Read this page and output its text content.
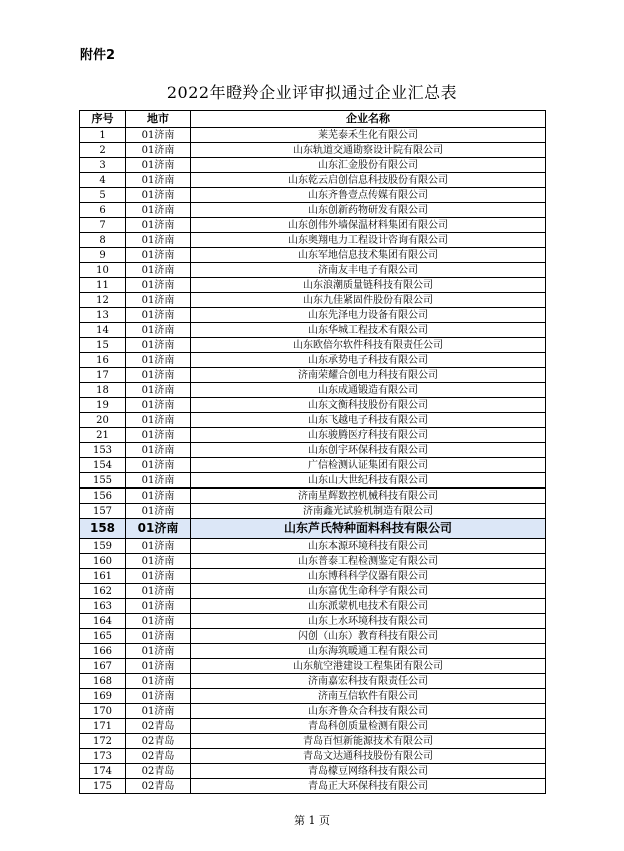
附件2
2022年瞪羚企业评审拟通过企业汇总表
序号	地市	企业名称
1	01济南	莱芜泰禾生化有限公司
2	01济南	山东轨道交通勘察设计院有限公司
3	01济南	山东汇金股份有限公司
4	01济南	山东乾云启创信息科技股份有限公司
5	01济南	山东齐鲁壹点传媒有限公司
6	01济南	山东创新药物研发有限公司
7	01济南	山东创伟外墙保温材料集团有限公司
8	01济南	山东奥翔电力工程设计咨询有限公司
9	01济南	山东军地信息技术集团有限公司
10	01济南	济南友丰电子有限公司
11	01济南	山东浪潮质量链科技有限公司
12	01济南	山东九佳紧固件股份有限公司
13	01济南	山东先泽电力设备有限公司
14	01济南	山东华城工程技术有限公司
15	01济南	山东欧倍尔软件科技有限责任公司
16	01济南	山东承势电子科技有限公司
17	01济南	济南荣耀合创电力科技有限公司
18	01济南	山东成通锻造有限公司
19	01济南	山东文衡科技股份有限公司
20	01济南	山东飞越电子科技有限公司
21	01济南	山东骏腾医疗科技有限公司
153	01济南	山东创宇环保科技有限公司
154	01济南	广信检测认证集团有限公司
155	01济南	山东山大世纪科技有限公司
156	01济南	济南星辉数控机械科技有限公司
157	01济南	济南鑫光试验机制造有限公司
158	01济南	山东芦氏特种面料科技有限公司
159	01济南	山东本源环境科技有限公司
160	01济南	山东普泰工程检测鉴定有限公司
161	01济南	山东博科科学仪器有限公司
162	01济南	山东富优生命科学有限公司
163	01济南	山东派蒙机电技术有限公司
164	01济南	山东上水环境科技有限公司
165	01济南	闪创（山东）教育科技有限公司
166	01济南	山东海筑暖通工程有限公司
167	01济南	山东航空港建设工程集团有限公司
168	01济南	济南嘉宏科技有限责任公司
169	01济南	济南互信软件有限公司
170	01济南	山东齐鲁众合科技有限公司
171	02青岛	青岛科创质量检测有限公司
172	02青岛	青岛百恒新能源技术有限公司
173	02青岛	青岛文达通科技股份有限公司
174	02青岛	青岛檬豆网络科技有限公司
175	02青岛	青岛正大环保科技有限公司
第 1 页
